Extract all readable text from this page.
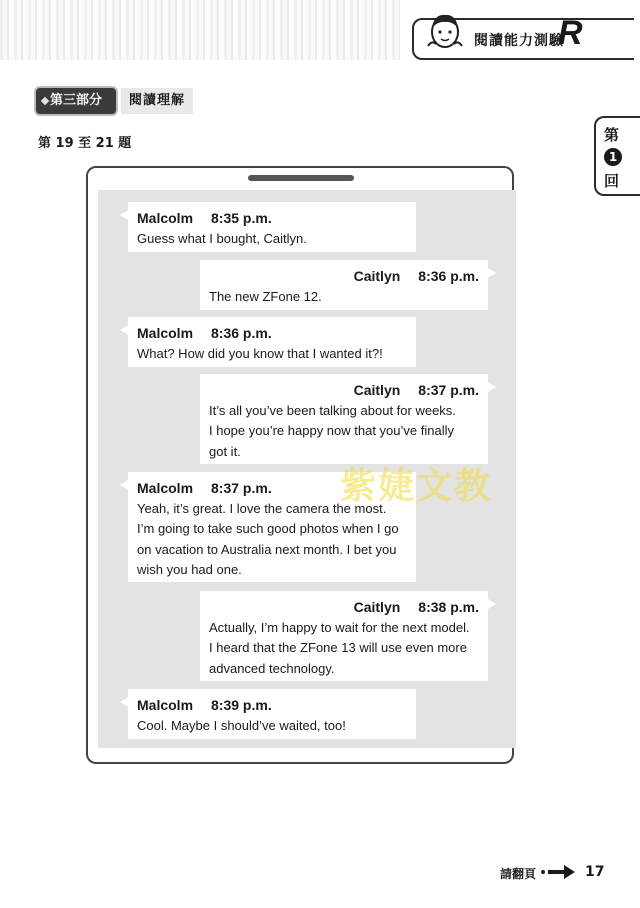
閱讀能力測驗
R
第三部分	閱讀理解
第 19 至 21 題	第
1
回
Malcolm 8:35 p.m.
Guess what I bought, Caitlyn.
Caitlyn 8:36 p.m.
The new ZFone 12.
Malcolm 8:36 p.m.
What? How did you know that I wanted it?!
Caitlyn 8:37 p.m.
It’s all you’ve been talking about for weeks.
I hope you’re happy now that you’ve finally
got it.
Malcolm 8:37 p.m.
Yeah, it’s great. I love the camera the most.
I’m going to take such good photos when I go
on vacation to Australia next month. I bet you
wish you had one.
Caitlyn 8:38 p.m.
Actually, I’m happy to wait for the next model.
I heard that the ZFone 13 will use even more
advanced technology.
Malcolm 8:39 p.m.
Cool. Maybe I should’ve waited, too!
紫婕文教
請翻頁	17
